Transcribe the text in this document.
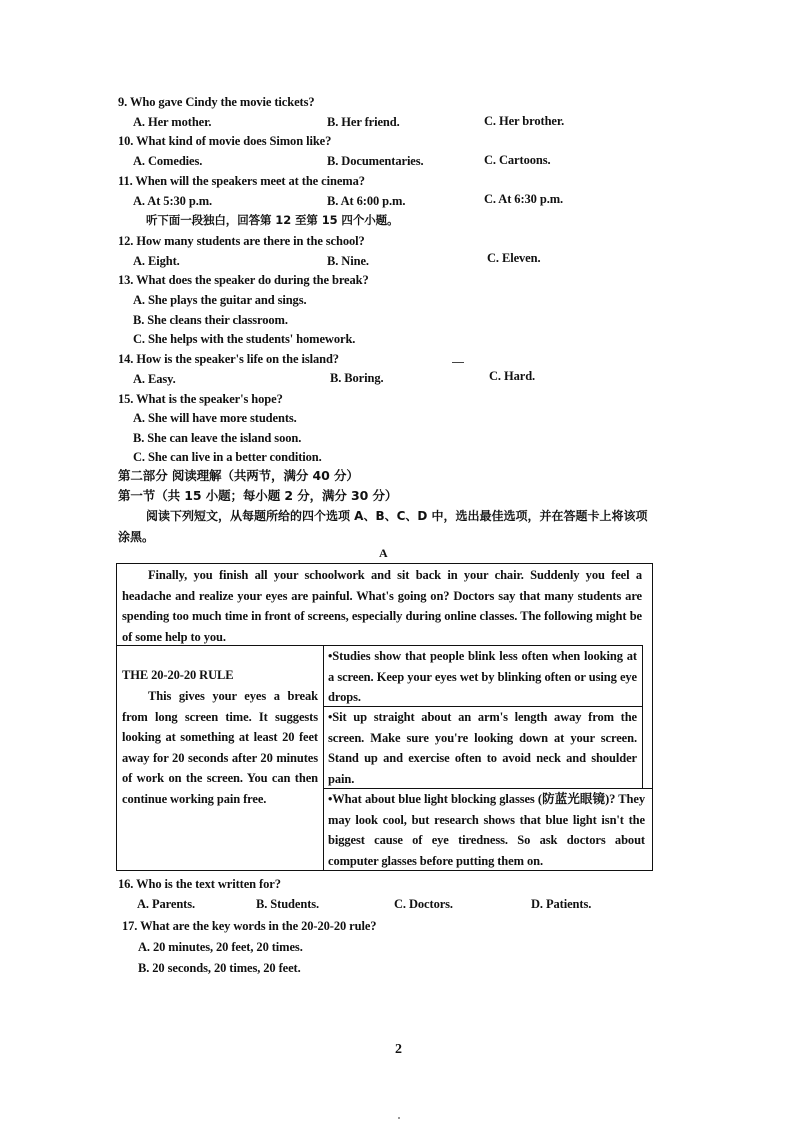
9. Who gave Cindy the movie tickets?
A. Her mother.	B. Her friend.	C. Her brother.
10. What kind of movie does Simon like?
A. Comedies.	B. Documentaries.	C. Cartoons.
11. When will the speakers meet at the cinema?
A. At 5:30 p.m.	B. At 6:00 p.m.	C. At 6:30 p.m.
听下面一段独白，回答第 12 至第 15 四个小题。
12. How many students are there in the school?
A. Eight.	B. Nine.	C. Eleven.
13. What does the speaker do during the break?
A. She plays the guitar and sings.
B. She cleans their classroom.
C. She helps with the students' homework.
14. How is the speaker's life on the island?
A. Easy.	B. Boring.	C. Hard.
15. What is the speaker's hope?
A. She will have more students.
B. She can leave the island soon.
C. She can live in a better condition.
第二部分 阅读理解（共两节，满分 40 分）
第一节（共 15 小题；每小题 2 分，满分 30 分）
阅读下列短文，从每题所给的四个选项 A、B、C、D 中，选出最佳选项，并在答题卡上将该项涂黑。
A
Finally, you finish all your schoolwork and sit back in your chair. Suddenly you feel a headache and realize your eyes are painful. What's going on? Doctors say that many students are spending too much time in front of screens, especially during online classes. The following might be of some help to you.
THE 20-20-20 RULE
This gives your eyes a break from long screen time. It suggests looking at something at least 20 feet away for 20 seconds after 20 minutes of work on the screen. You can then continue working pain free.
•Studies show that people blink less often when looking at a screen. Keep your eyes wet by blinking often or using eye drops.
•Sit up straight about an arm's length away from the screen. Make sure you're looking down at your screen. Stand up and exercise often to avoid neck and shoulder pain.
•What about blue light blocking glasses (防蓝光眼镜)? They may look cool, but research shows that blue light isn't the biggest cause of eye tiredness. So ask doctors about computer glasses before putting them on.
16. Who is the text written for?
A. Parents.	B. Students.	C. Doctors.	D. Patients.
17. What are the key words in the 20-20-20 rule?
A. 20 minutes, 20 feet, 20 times.
B. 20 seconds, 20 times, 20 feet.
2
